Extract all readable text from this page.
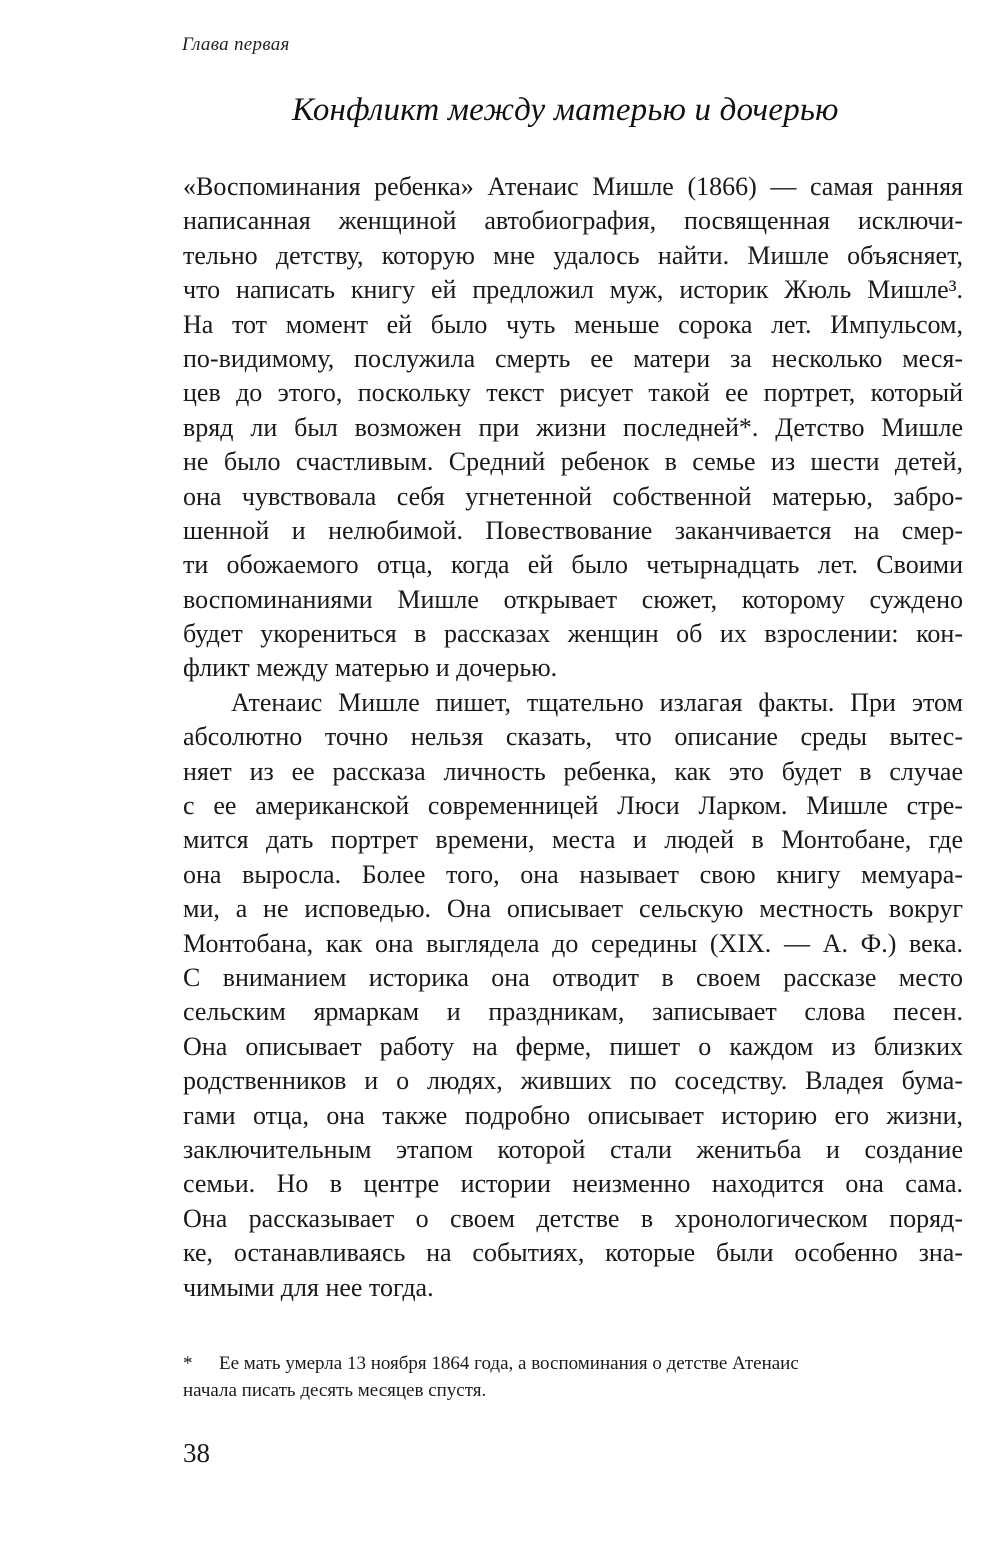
Глава первая
Конфликт между матерью и дочерью
«Воспоминания ребенка» Атенаис Мишле (1866) — самая ранняя
написанная женщиной автобиография, посвященная исключи-
тельно детству, которую мне удалось найти. Мишле объясняет,
что написать книгу ей предложил муж, историк Жюль Мишле³.
На тот момент ей было чуть меньше сорока лет. Импульсом,
по-видимому, послужила смерть ее матери за несколько меся-
цев до этого, поскольку текст рисует такой ее портрет, который
вряд ли был возможен при жизни последней*. Детство Мишле
не было счастливым. Средний ребенок в семье из шести детей,
она чувствовала себя угнетенной собственной матерью, забро-
шенной и нелюбимой. Повествование заканчивается на смер-
ти обожаемого отца, когда ей было четырнадцать лет. Своими
воспоминаниями Мишле открывает сюжет, которому суждено
будет укорениться в рассказах женщин об их взрослении: кон-
фликт между матерью и дочерью.
Атенаис Мишле пишет, тщательно излагая факты. При этом
абсолютно точно нельзя сказать, что описание среды вытес-
няет из ее рассказа личность ребенка, как это будет в случае
с ее американской современницей Люси Ларком. Мишле стре-
мится дать портрет времени, места и людей в Монтобане, где
она выросла. Более того, она называет свою книгу мемуара-
ми, а не исповедью. Она описывает сельскую местность вокруг
Монтобана, как она выглядела до середины (XIX. — А. Ф.) века.
С вниманием историка она отводит в своем рассказе место
сельским ярмаркам и праздникам, записывает слова песен.
Она описывает работу на ферме, пишет о каждом из близких
родственников и о людях, живших по соседству. Владея бума-
гами отца, она также подробно описывает историю его жизни,
заключительным этапом которой стали женитьба и создание
семьи. Но в центре истории неизменно находится она сама.
Она рассказывает о своем детстве в хронологическом поряд-
ке, останавливаясь на событиях, которые были особенно зна-
чимыми для нее тогда.
* Ее мать умерла 13 ноября 1864 года, а воспоминания о детстве Атенаис
начала писать десять месяцев спустя.
38
